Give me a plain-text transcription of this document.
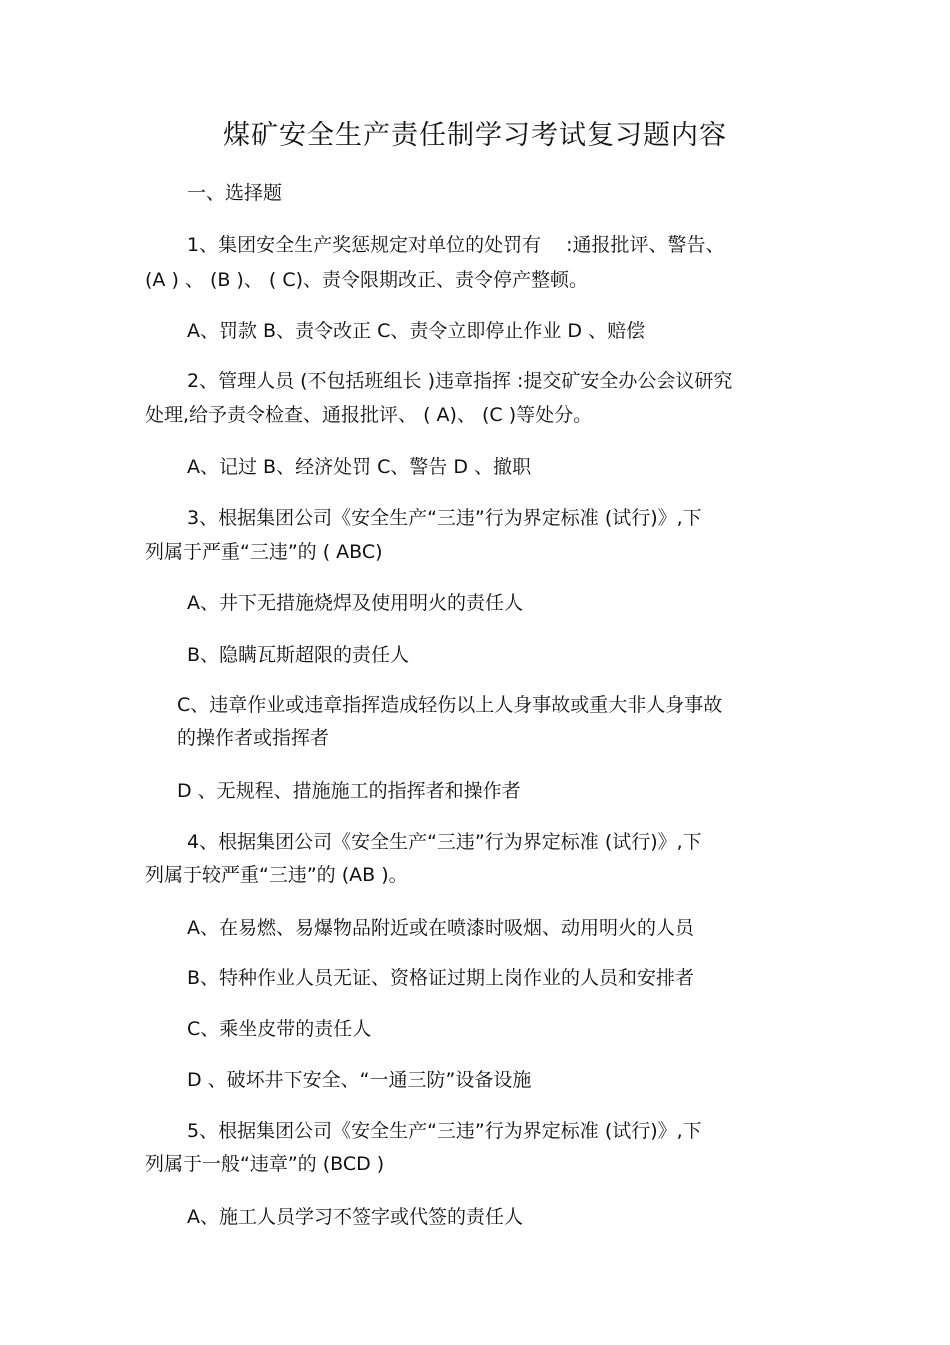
煤矿安全生产责任制学习考试复习题内容
一、选择题
1、集团安全生产奖惩规定对单位的处罚有 　:通报批评、警告、
(A ) 、 (B )、 ( C)、责令限期改正、责令停产整顿。
A、罚款 B、责令改正 C、责令立即停止作业 D 、赔偿
2、管理人员 (不包括班组长 )违章指挥 :提交矿安全办公会议研究
处理,给予责令检查、通报批评、 ( A)、 (C )等处分。
A、记过 B、经济处罚 C、警告 D 、撤职
3、根据集团公司《安全生产“三违”行为界定标准 (试行)》,下
列属于严重“三违”的 ( ABC)
A、井下无措施烧焊及使用明火的责任人
B、隐瞒瓦斯超限的责任人
C、违章作业或违章指挥造成轻伤以上人身事故或重大非人身事故
的操作者或指挥者
D 、无规程、措施施工的指挥者和操作者
4、根据集团公司《安全生产“三违”行为界定标准 (试行)》,下
列属于较严重“三违”的 (AB )。
A、在易燃、易爆物品附近或在喷漆时吸烟、动用明火的人员
B、特种作业人员无证、资格证过期上岗作业的人员和安排者
C、乘坐皮带的责任人
D 、破坏井下安全、“一通三防”设备设施
5、根据集团公司《安全生产“三违”行为界定标准 (试行)》,下
列属于一般“违章”的 (BCD )
A、施工人员学习不签字或代签的责任人
